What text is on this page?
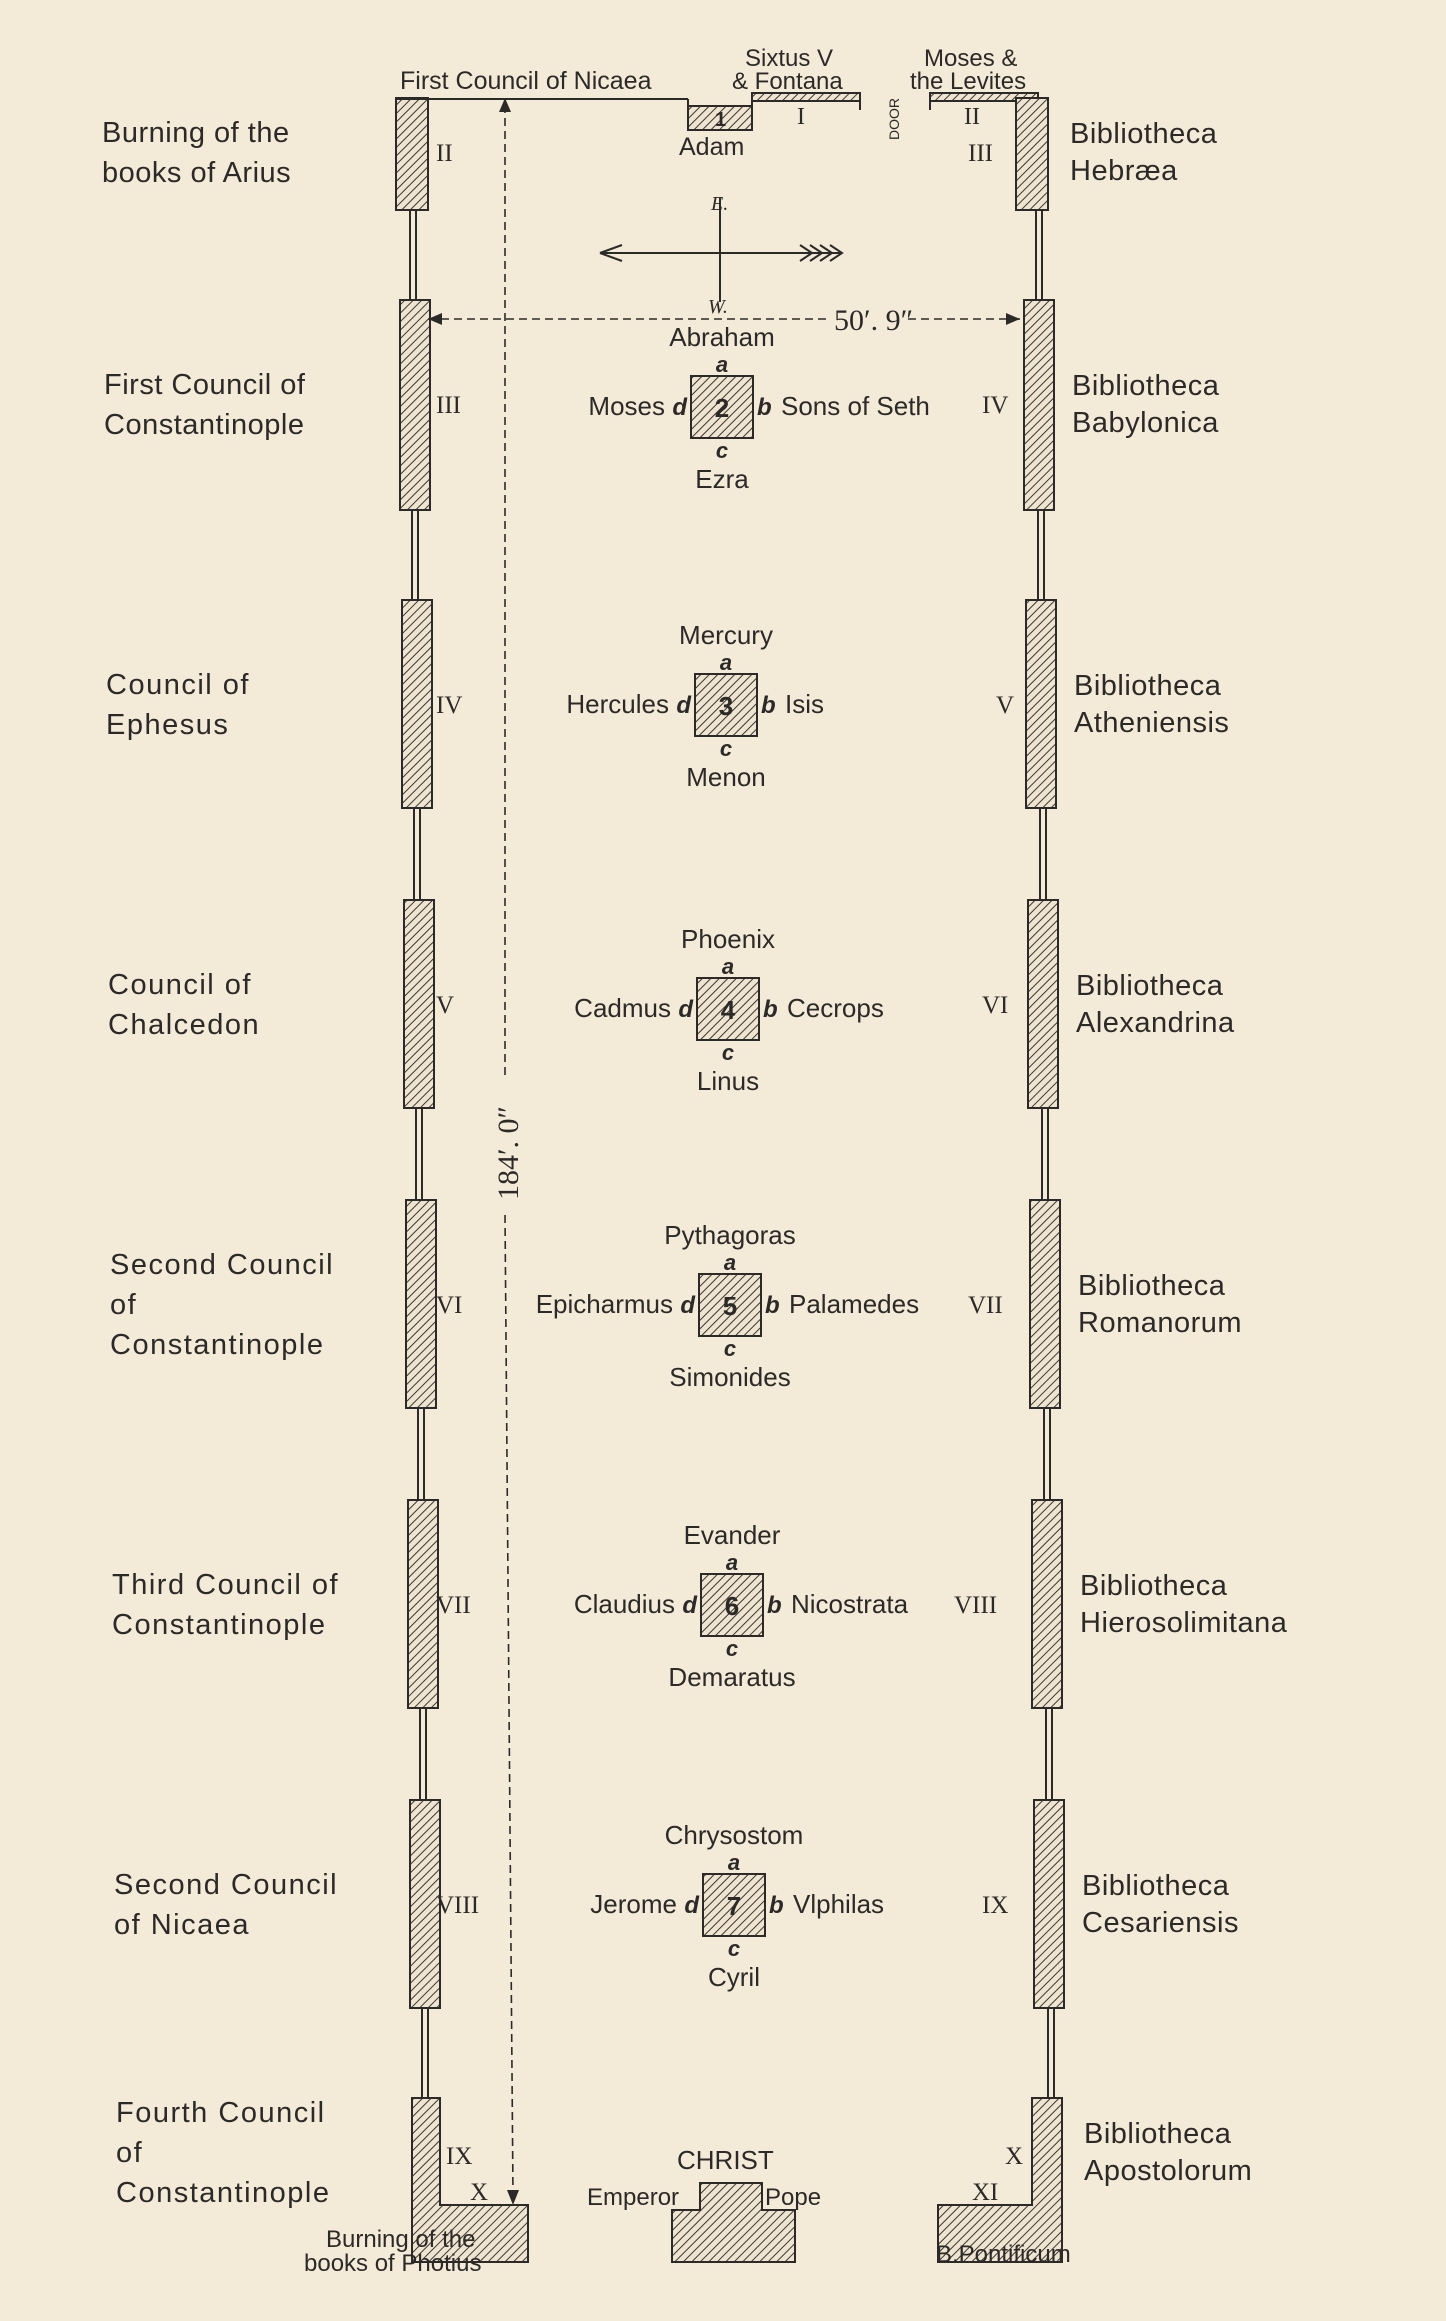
Burning of the
books of Arius
II
First Council of
Constantinople
III
Council of
Ephesus
IV
Council of
Chalcedon
V
Second Council
of
Constantinople
VI
Third Council of
Constantinople
VII
Second Council
of Nicaea
VIII
Fourth Council
of
Constantinople
IX
X
Burning of the
books of Photius
Bibliotheca
Hebræa
III
Bibliotheca
Babylonica
IV
Bibliotheca
Atheniensis
V
Bibliotheca
Alexandrina
VI
Bibliotheca
Romanorum
VII
Bibliotheca
Hierosolimitana
VIII
Bibliotheca
Cesariensis
IX
Bibliotheca
Apostolorum
X
XI
B.Pontificum
2
a
c
b
d
Abraham
Ezra
Sons of Seth
Moses
3
a
c
b
d
Mercury
Menon
Isis
Hercules
4
a
c
b
d
Phoenix
Linus
Cecrops
Cadmus
5
a
c
b
d
Pythagoras
Simonides
Palamedes
Epicharmus
6
a
c
b
d
Evander
Demaratus
Nicostrata
Claudius
7
a
c
b
d
Chrysostom
Cyril
Vlphilas
Jerome
First Council of Nicaea
Sixtus V
& Fontana
Moses &
the Levites
DOOR
Adam
1	I	II
E.
W.	50′. 9″
184′. 0″
CHRIST
Emperor	Pope
